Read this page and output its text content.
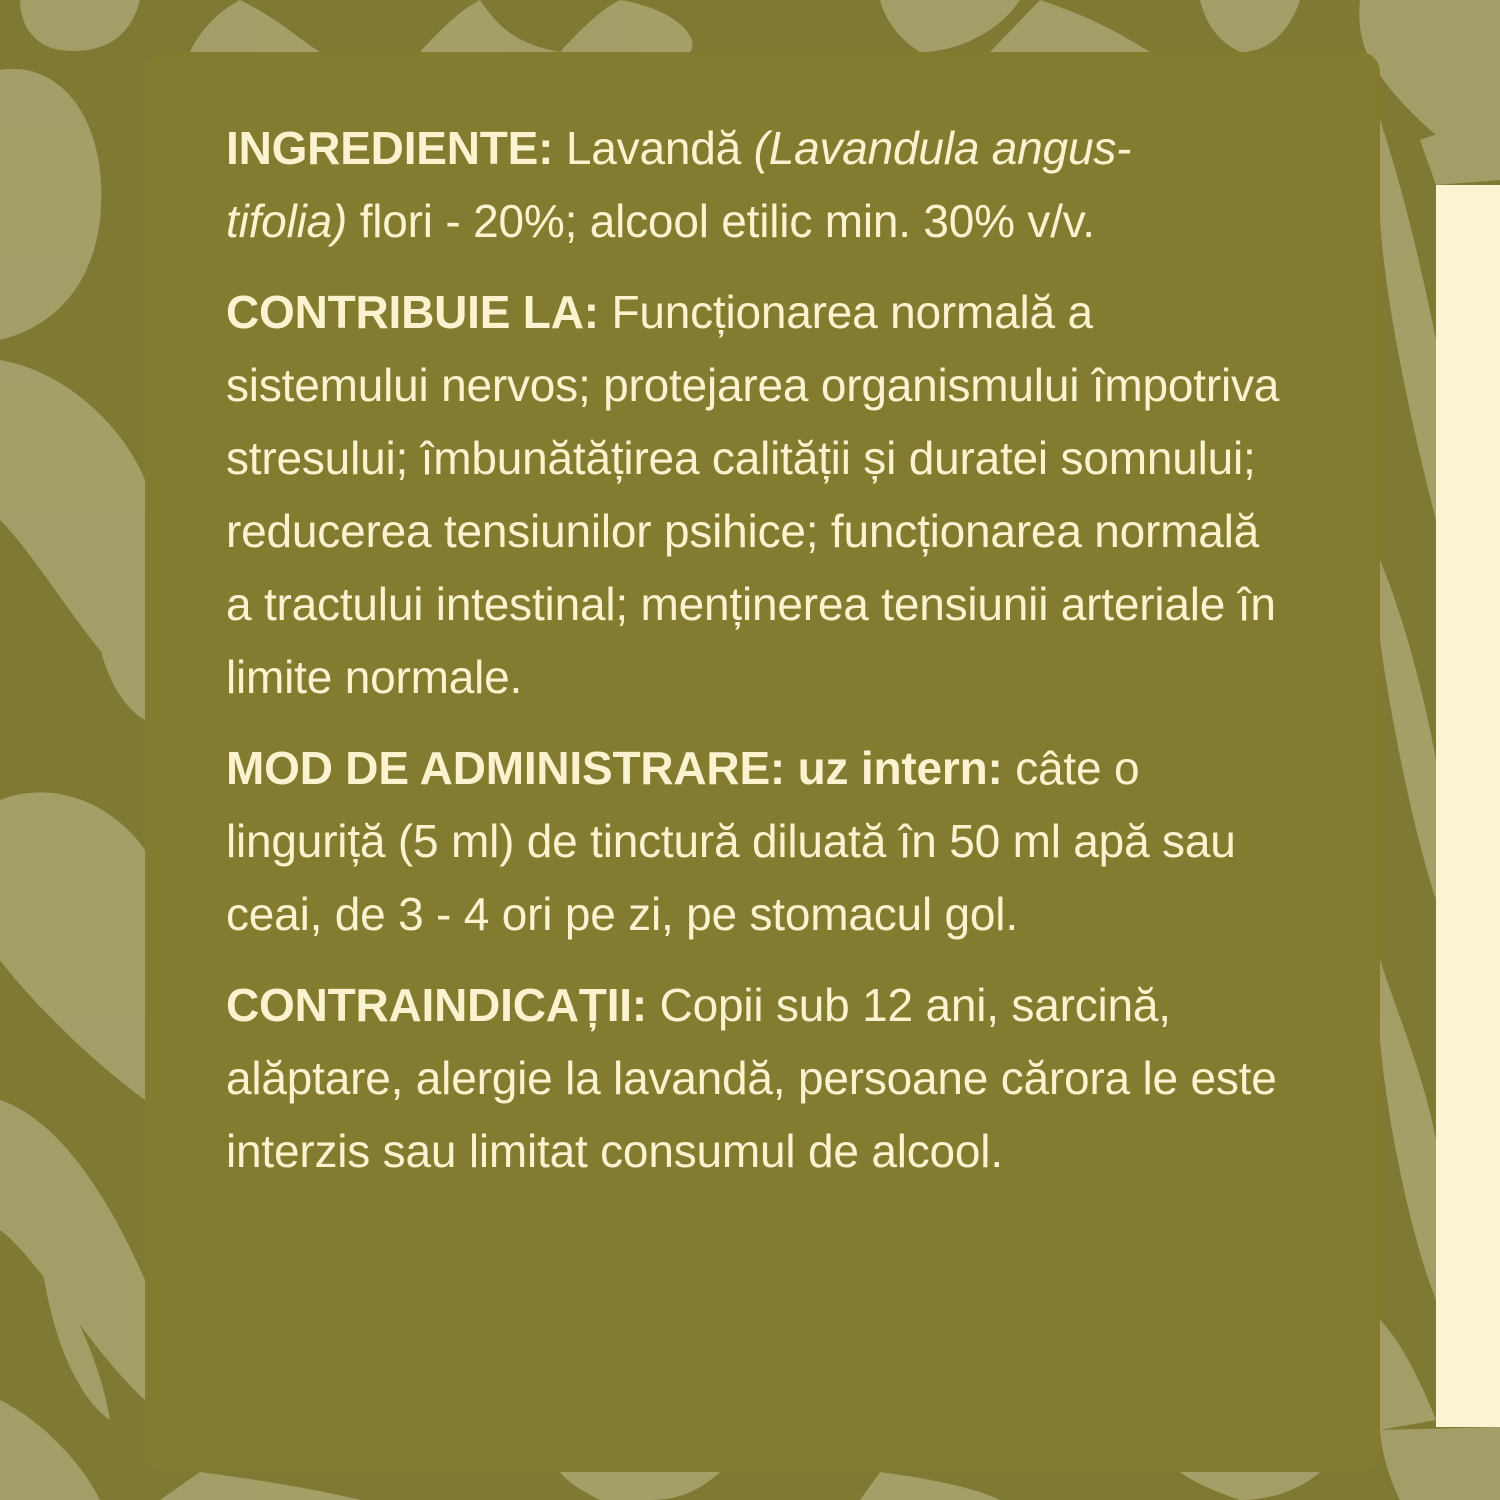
INGREDIENTE: Lavandă (Lavandula angus-
tifolia) flori - 20%; alcool etilic min. 30% v/v.

CONTRIBUIE LA: Funcționarea normală a sistemului nervos; protejarea organismului împotriva stresului; îmbunătățirea calității și duratei somnului; reducerea tensiunilor psihice; funcționarea normală a tractului intestinal; menținerea tensiunii arteriale în limite normale.

MOD DE ADMINISTRARE: uz intern: câte o linguriță (5 ml) de tinctură diluată în 50 ml apă sau ceai, de 3 - 4 ori pe zi, pe stomacul gol.

CONTRAINDICAȚII: Copii sub 12 ani, sarcină, alăptare, alergie la lavandă, persoane cărora le este interzis sau limitat consumul de alcool.
